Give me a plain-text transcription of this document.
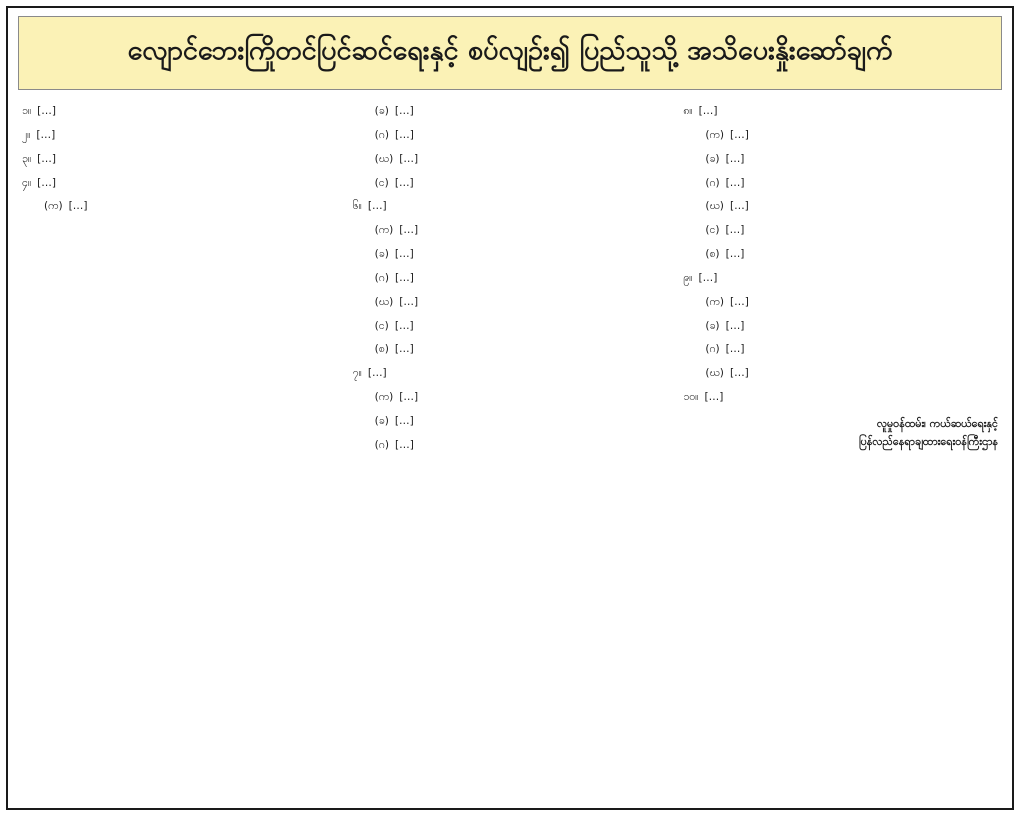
လျောင်ဘေးကြိုတင်ပြင်ဆင်ရေးနှင့် စပ်လျဉ်း၍ ပြည်သူသို့ အသိပေးနှိုးဆော်ချက်
၁။ […]
၂။ […]
၃။ […]
၄။ […]
(က) […]
(ခ) […]
(ဂ) […]
(ဃ) […]
(င) […]
၆။ […]
(က) […]
(ခ) […]
(ဂ) […]
(ဃ) […]
(င) […]
(စ) […]
၇။ […]
(က) […]
(ခ) […]
(ဂ) […]
၈။ […]
(က) […]
(ခ) […]
(ဂ) […]
(ဃ) […]
(င) […]
(စ) […]
၉။ […]
(က) […]
(ခ) […]
(ဂ) […]
(ဃ) […]
၁၀။ […]
လူမှုဝန်ထမ်း၊ ကယ်ဆယ်ရေးနှင့်
ပြန်လည်နေရာချထားရေးဝန်ကြီးဌာန
